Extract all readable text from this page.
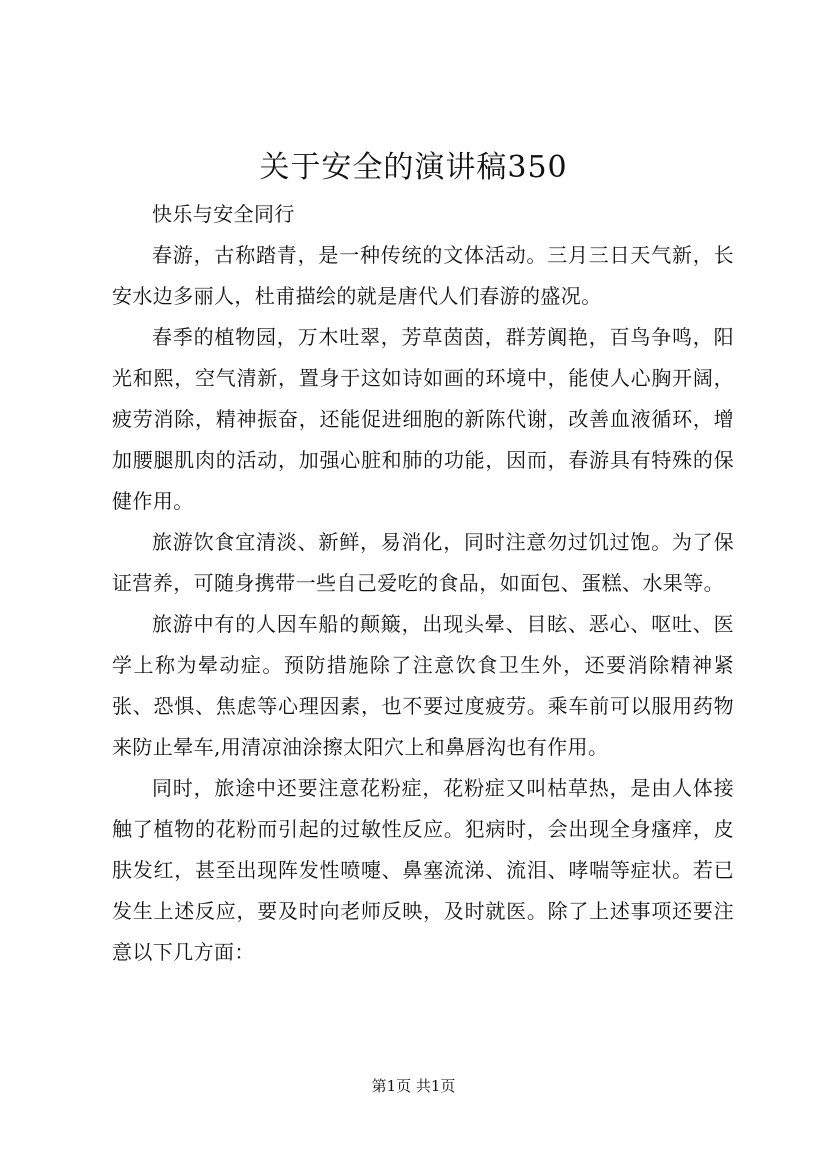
关于安全的演讲稿350

快乐与安全同行

春游，古称踏青，是一种传统的文体活动。三月三日天气新，长安水边多丽人，杜甫描绘的就是唐代人们春游的盛况。

春季的植物园，万木吐翠，芳草茵茵，群芳阗艳，百鸟争鸣，阳光和熙，空气清新，置身于这如诗如画的环境中，能使人心胸开阔，疲劳消除，精神振奋，还能促进细胞的新陈代谢，改善血液循环，增加腰腿肌肉的活动，加强心脏和肺的功能，因而，春游具有特殊的保健作用。

旅游饮食宜清淡、新鲜，易消化，同时注意勿过饥过饱。为了保证营养，可随身携带一些自己爱吃的食品，如面包、蛋糕、水果等。

旅游中有的人因车船的颠簸，出现头晕、目眩、恶心、呕吐、医学上称为晕动症。预防措施除了注意饮食卫生外，还要消除精神紧张、恐惧、焦虑等心理因素，也不要过度疲劳。乘车前可以服用药物来防止晕车,用清凉油涂擦太阳穴上和鼻唇沟也有作用。

同时，旅途中还要注意花粉症，花粉症又叫枯草热，是由人体接触了植物的花粉而引起的过敏性反应。犯病时，会出现全身瘙痒，皮肤发红，甚至出现阵发性喷嚏、鼻塞流涕、流泪、哮喘等症状。若已发生上述反应，要及时向老师反映，及时就医。除了上述事项还要注意以下几方面：

第1页 共1页
